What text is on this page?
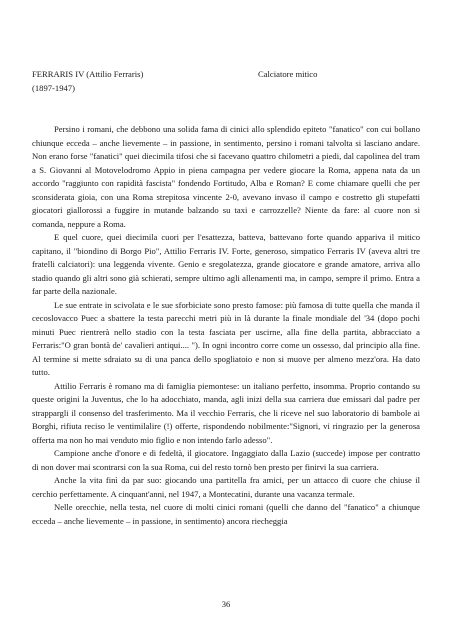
FERRARIS IV (Attilio Ferraris)
(1897-1947)
Calciatore mitico

Persino i romani, che debbono una solida fama di cinici allo splendido epiteto "fanatico" con cui bollano chiunque ecceda – anche lievemente – in passione, in sentimento, persino i romani talvolta si lasciano andare. Non erano forse "fanatici" quei diecimila tifosi che si facevano quattro chilometri a piedi, dal capolinea del tram a S. Giovanni al Motovelodromo Appio in piena campagna per vedere giocare la Roma, appena nata da un accordo "raggiunto con rapidità fascista" fondendo Fortitudo, Alba e Roman? E come chiamare quelli che per sconsiderata gioia, con una Roma strepitosa vincente 2-0, avevano invaso il campo e costretto gli stupefatti giocatori giallorossi a fuggire in mutande balzando su taxi e carrozzelle? Niente da fare: al cuore non si comanda, neppure a Roma.

E quel cuore, quei diecimila cuori per l'esattezza, batteva, battevano forte quando appariva il mitico capitano, il "biondino di Borgo Pio", Attilio Ferraris IV. Forte, generoso, simpatico Ferraris IV (aveva altri tre fratelli calciatori): una leggenda vivente. Genio e sregolatezza, grande giocatore e grande amatore, arriva allo stadio quando gli altri sono già schierati, sempre ultimo agli allenamenti ma, in campo, sempre il primo. Entra a far parte della nazionale.

Le sue entrate in scivolata e le sue sforbiciate sono presto famose: più famosa di tutte quella che manda il cecoslovacco Puec a sbattere la testa parecchi metri più in là durante la finale mondiale del '34 (dopo pochi minuti Puec rientrerà nello stadio con la testa fasciata per uscirne, alla fine della partita, abbracciato a Ferraris:"O gran bontà de' cavalieri antiqui.... "). In ogni incontro corre come un ossesso, dal principio alla fine. Al termine si mette sdraiato su di una panca dello spogliatoio e non si muove per almeno mezz'ora. Ha dato tutto.

Attilio Ferraris è romano ma di famiglia piemontese: un italiano perfetto, insomma. Proprio contando su queste origini la Juventus, che lo ha adocchiato, manda, agli inizi della sua carriera due emissari dal padre per strappargli il consenso del trasferimento. Ma il vecchio Ferraris, che li riceve nel suo laboratorio di bambole ai Borghi, rifiuta reciso le ventimilalire (!) offerte, rispondendo nobilmente:"Signori, vi ringrazio per la generosa offerta ma non ho mai venduto mio figlio e non intendo farlo adesso".

Campione anche d'onore e di fedeltà, il giocatore. Ingaggiato dalla Lazio (succede) impose per contratto di non dover mai scontrarsi con la sua Roma, cui del resto tornò ben presto per finirvi la sua carriera.

Anche la vita finì da par suo: giocando una partitella fra amici, per un attacco di cuore che chiuse il cerchio perfettamente. A cinquant'anni, nel 1947, a Montecatini, durante una vacanza termale.

Nelle orecchie, nella testa, nel cuore di molti cinici romani (quelli che danno del "fanatico" a chiunque ecceda – anche lievemente – in passione, in sentimento) ancora riecheggia

36
